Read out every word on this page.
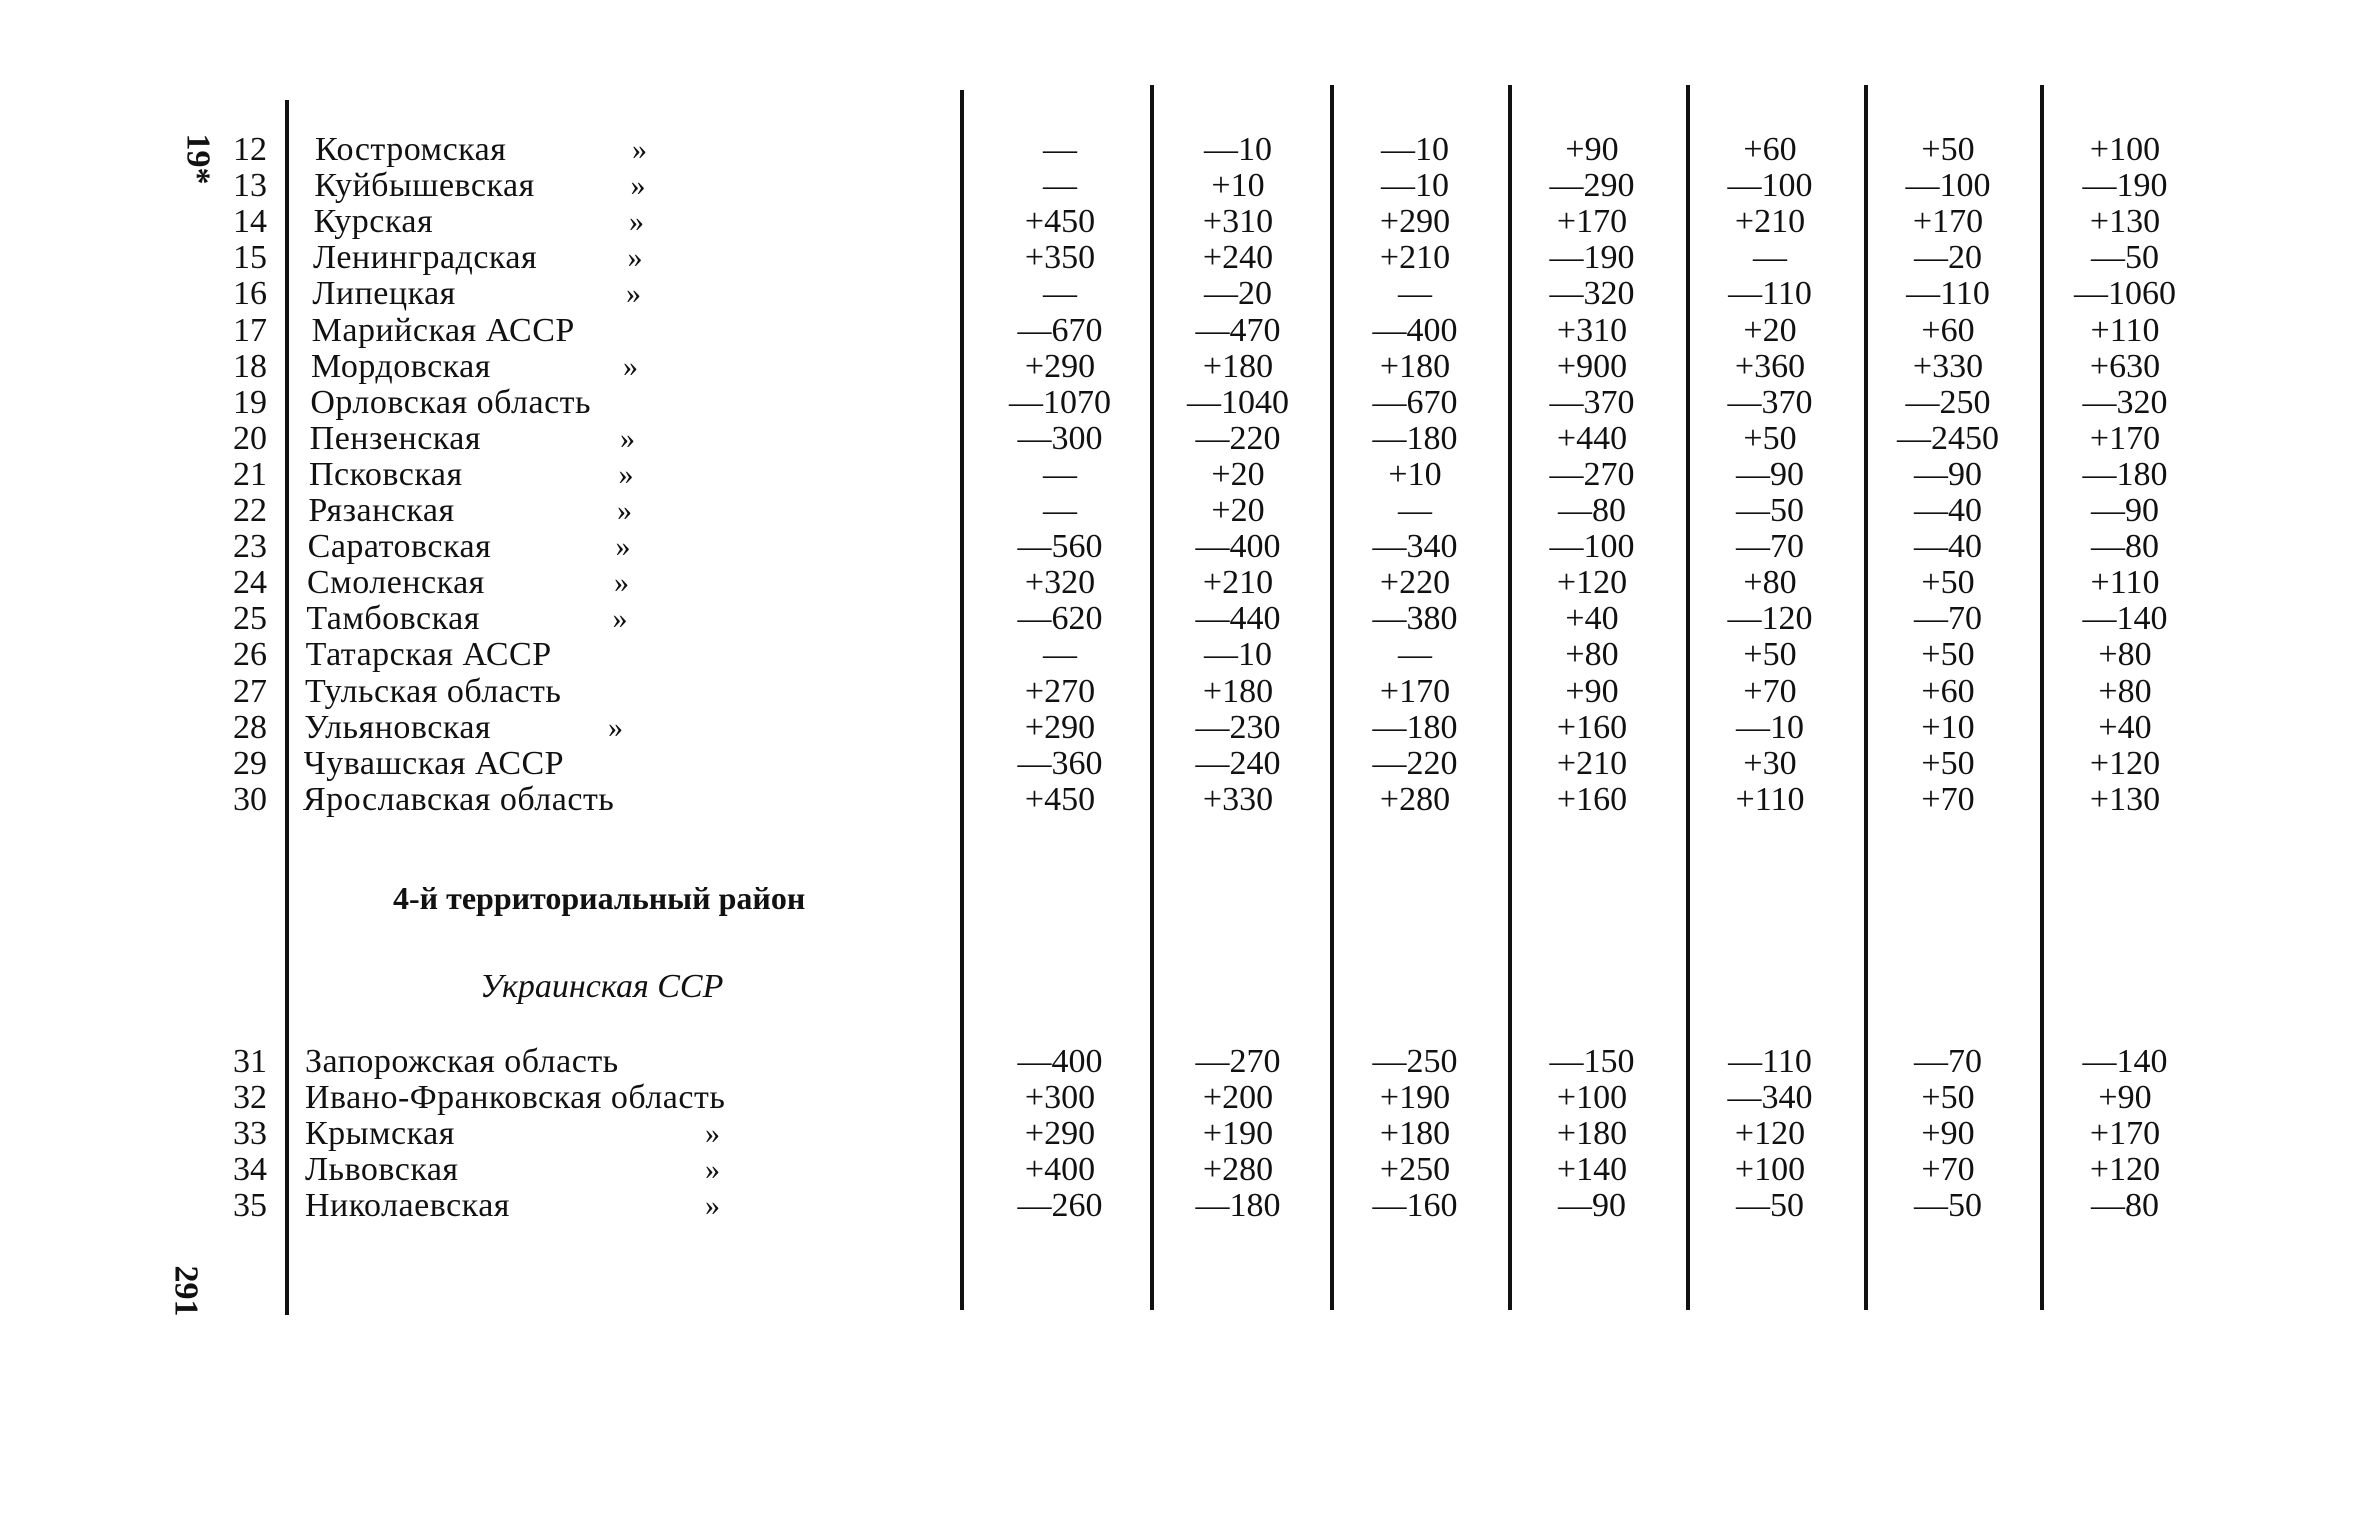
19*
291
4-й территориальный район
Украинская ССР
12 Костромская	»	—	—10	—10	+90	+60	+50	+100
13 Куйбышевская	»	—	+10	—10	—290	—100	—100	—190
14 Курская	»	+450	+310	+290	+170	+210	+170	+130
15 Ленинградская	»	+350	+240	+210	—190	—	—20	—50
16 Липецкая	»	—	—20	—	—320	—110	—110	—1060
17 Марийская АССР	—670	—470	—400	+310	+20	+60	+110
18 Мордовская	»	+290	+180	+180	+900	+360	+330	+630
19 Орловская область	—1070	—1040	—670	—370	—370	—250	—320
20 Пензенская	»	—300	—220	—180	+440	+50	—2450	+170
21 Псковская	»	—	+20	+10	—270	—90	—90	—180
22 Рязанская	»	—	+20	—	—80	—50	—40	—90
23 Саратовская	»	—560	—400	—340	—100	—70	—40	—80
24 Смоленская	»	+320	+210	+220	+120	+80	+50	+110
25 Тамбовская	»	—620	—440	—380	+40	—120	—70	—140
26 Татарская АССР	—	—10	—	+80	+50	+50	+80
27 Тульская область	+270	+180	+170	+90	+70	+60	+80
28 Ульяновская	»	+290	—230	—180	+160	—10	+10	+40
29 Чувашская АССР	—360	—240	—220	+210	+30	+50	+120
30 Ярославская область	+450	+330	+280	+160	+110	+70	+130
31 Запорожская область	—400	—270	—250	—150	—110	—70	—140
32 Ивано-Франковская область	+300	+200	+190	+100	—340	+50	+90
33 Крымская	»	+290	+190	+180	+180	+120	+90	+170
34 Львовская	»	+400	+280	+250	+140	+100	+70	+120
35 Николаевская	»	—260	—180	—160	—90	—50	—50	—80
